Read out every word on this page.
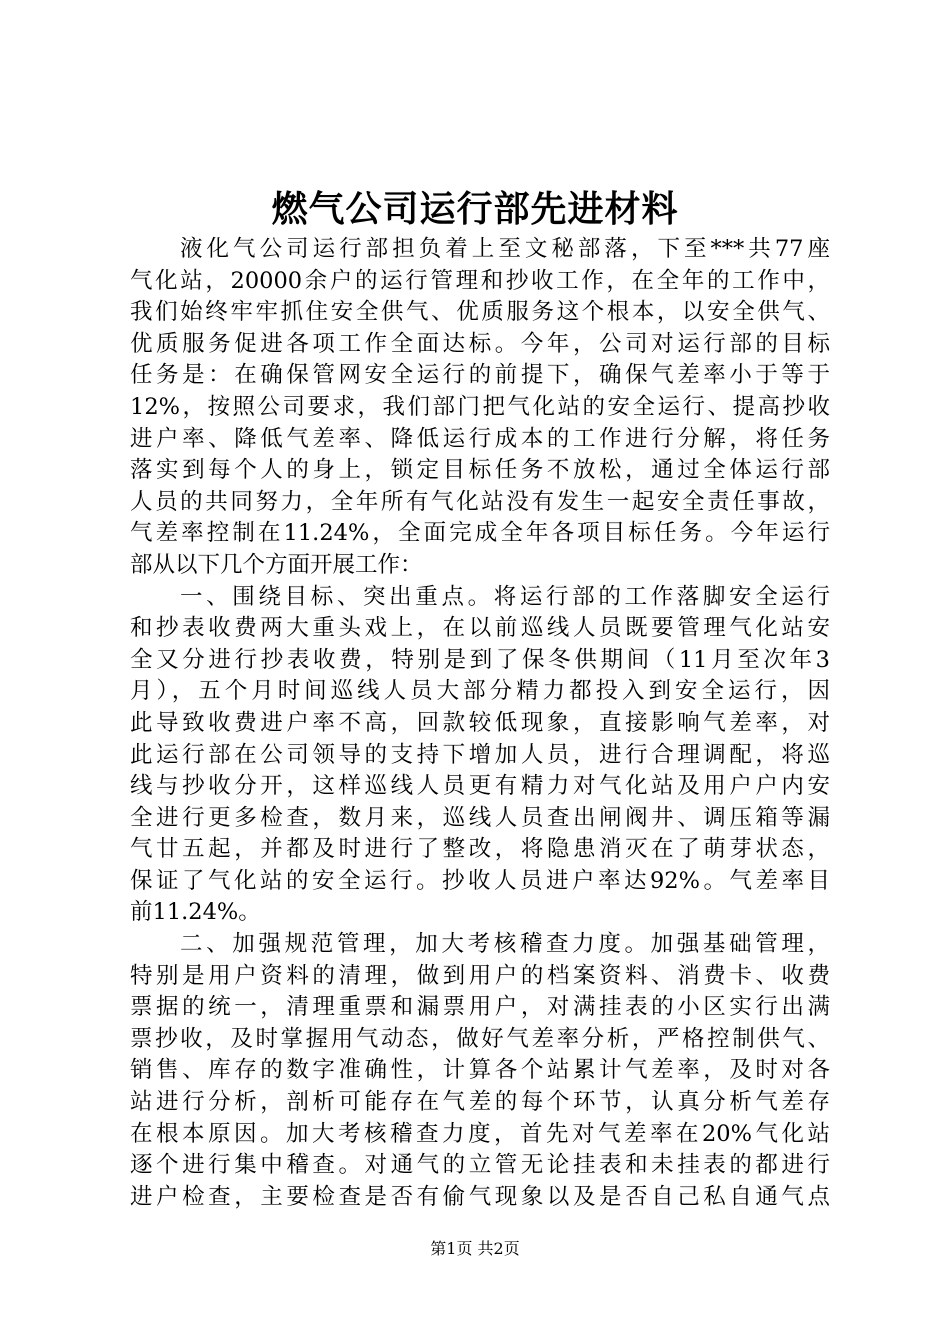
燃气公司运行部先进材料
液化气公司运行部担负着上至文秘部落，下至***共77座
气化站，20000余户的运行管理和抄收工作，在全年的工作中，
我们始终牢牢抓住安全供气、优质服务这个根本，以安全供气、
优质服务促进各项工作全面达标。今年，公司对运行部的目标
任务是：在确保管网安全运行的前提下，确保气差率小于等于
12%，按照公司要求，我们部门把气化站的安全运行、提高抄收
进户率、降低气差率、降低运行成本的工作进行分解，将任务
落实到每个人的身上，锁定目标任务不放松，通过全体运行部
人员的共同努力，全年所有气化站没有发生一起安全责任事故，
气差率控制在11.24%，全面完成全年各项目标任务。今年运行
部从以下几个方面开展工作：
一、围绕目标、突出重点。将运行部的工作落脚安全运行
和抄表收费两大重头戏上，在以前巡线人员既要管理气化站安
全又分进行抄表收费，特别是到了保冬供期间（11月至次年3
月），五个月时间巡线人员大部分精力都投入到安全运行，因
此导致收费进户率不高，回款较低现象，直接影响气差率，对
此运行部在公司领导的支持下增加人员，进行合理调配，将巡
线与抄收分开，这样巡线人员更有精力对气化站及用户户内安
全进行更多检查，数月来，巡线人员查出闸阀井、调压箱等漏
气廿五起，并都及时进行了整改，将隐患消灭在了萌芽状态，
保证了气化站的安全运行。抄收人员进户率达92%。气差率目
前11.24%。
二、加强规范管理，加大考核稽查力度。加强基础管理，
特别是用户资料的清理，做到用户的档案资料、消费卡、收费
票据的统一，清理重票和漏票用户，对满挂表的小区实行出满
票抄收，及时掌握用气动态，做好气差率分析，严格控制供气、
销售、库存的数字准确性，计算各个站累计气差率，及时对各
站进行分析，剖析可能存在气差的每个环节，认真分析气差存
在根本原因。加大考核稽查力度，首先对气差率在20%气化站
逐个进行集中稽查。对通气的立管无论挂表和未挂表的都进行
进户检查，主要检查是否有偷气现象以及是否自己私自通气点
第1页 共2页
